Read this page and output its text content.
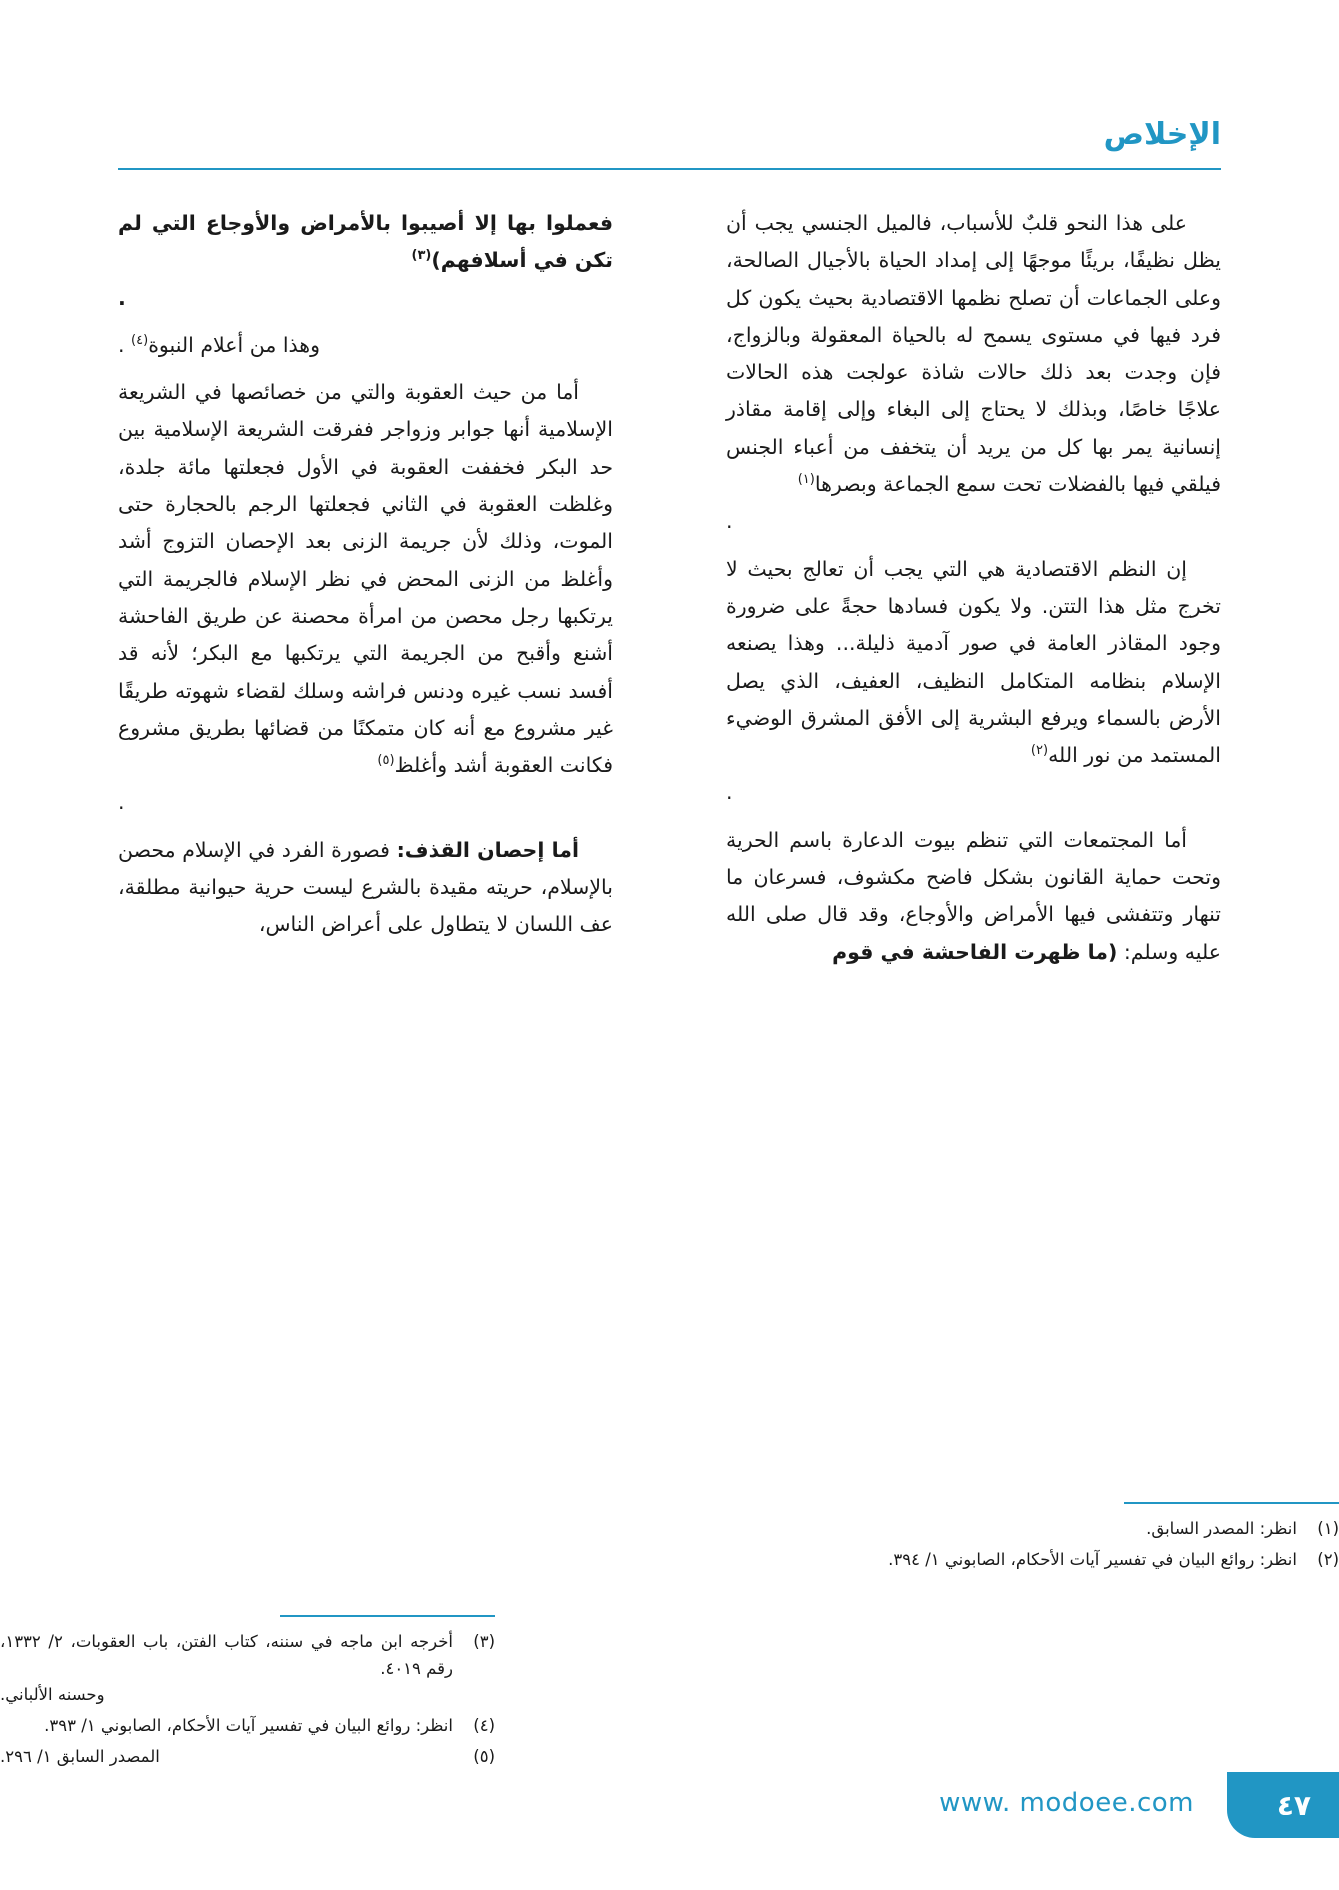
الإخلاص

على هذا النحو قلبٌ للأسباب، فالميل الجنسي يجب أن يظل نظيفًا، بريئًا موجهًا إلى إمداد الحياة بالأجيال الصالحة، وعلى الجماعات أن تصلح نظمها الاقتصادية بحيث يكون كل فرد فيها في مستوى يسمح له بالحياة المعقولة وبالزواج، فإن وجدت بعد ذلك حالات شاذة عولجت هذه الحالات علاجًا خاصًا، وبذلك لا يحتاج إلى البغاء وإلى إقامة مقاذر إنسانية يمر بها كل من يريد أن يتخفف من أعباء الجنس فيلقي فيها بالفضلات تحت سمع الجماعة وبصرها$^{(١)}$
.

إن النظم الاقتصادية هي التي يجب أن تعالج بحيث لا تخرج مثل هذا التتن. ولا يكون فسادها حجةً على ضرورة وجود المقاذر العامة في صور آدمية ذليلة... وهذا يصنعه الإسلام بنظامه المتكامل النظيف، العفيف، الذي يصل الأرض بالسماء ويرفع البشرية إلى الأفق المشرق الوضيء المستمد من نور الله$^{(٢)}$
.

أما المجتمعات التي تنظم بيوت الدعارة باسم الحرية وتحت حماية القانون بشكل فاضح مكشوف، فسرعان ما تنهار وتتفشى فيها الأمراض والأوجاع، وقد قال صلى الله عليه وسلم: (ما ظهرت الفاحشة في قوم

فعملوا بها إلا أصيبوا بالأمراض والأوجاع التي لم تكن في أسلافهم)$^{(٣)}$
.

وهذا من أعلام النبوة$^{(٤)}$ .

أما من حيث العقوبة والتي من خصائصها في الشريعة الإسلامية أنها جوابر وزواجر ففرقت الشريعة الإسلامية بين حد البكر فخففت العقوبة في الأول فجعلتها مائة جلدة، وغلظت العقوبة في الثاني فجعلتها الرجم بالحجارة حتى الموت، وذلك لأن جريمة الزنى بعد الإحصان التزوج أشد وأغلظ من الزنى المحض في نظر الإسلام فالجريمة التي يرتكبها رجل محصن من امرأة محصنة عن طريق الفاحشة أشنع وأقبح من الجريمة التي يرتكبها مع البكر؛ لأنه قد أفسد نسب غيره ودنس فراشه وسلك لقضاء شهوته طريقًا غير مشروع مع أنه كان متمكنًا من قضائها بطريق مشروع فكانت العقوبة أشد وأغلظ$^{(٥)}$
.

أما إحصان القذف: فصورة الفرد في الإسلام محصن بالإسلام، حريته مقيدة بالشرع ليست حرية حيوانية مطلقة، عف اللسان لا يتطاول على أعراض الناس،

(١)
انظر: المصدر السابق.
(٢)
انظر: روائع البيان في تفسير آيات الأحكام، الصابوني ١/ ٣٩٤.
(٣)
أخرجه ابن ماجه في سننه، كتاب الفتن، باب العقوبات، ٢/ ١٣٣٢، رقم ٤٠١٩.
وحسنه الألباني.
(٤)
انظر: روائع البيان في تفسير آيات الأحكام، الصابوني ١/ ٣٩٣.
(٥)
المصدر السابق ١/ ٢٩٦.
٤٧
www. modoee.com
